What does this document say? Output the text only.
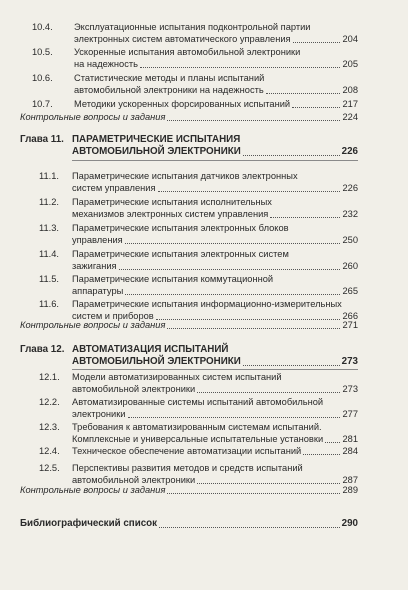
10.4. Эксплуатационные испытания подконтрольной партии
электронных систем автоматического управления	204
10.5. Ускоренные испытания автомобильной электроники
на надежность	205
10.6. Статистические методы и планы испытаний
автомобильной электроники на надежность	208
10.7. Методики ускоренных форсированных испытаний	217
Контрольные вопросы и задания	224
Глава 11. ПАРАМЕТРИЧЕСКИЕ ИСПЫТАНИЯ
АВТОМОБИЛЬНОЙ ЭЛЕКТРОНИКИ	226
11.1. Параметрические испытания датчиков электронных
систем управления	226
11.2. Параметрические испытания исполнительных
механизмов электронных систем управления	232
11.3. Параметрические испытания электронных блоков
управления	250
11.4. Параметрические испытания электронных систем
зажигания	260
11.5. Параметрические испытания коммутационной
аппаратуры	265
11.6. Параметрические испытания информационно-измерительных
систем и приборов	266
Контрольные вопросы и задания	271
Глава 12. АВТОМАТИЗАЦИЯ ИСПЫТАНИЙ
АВТОМОБИЛЬНОЙ ЭЛЕКТРОНИКИ	273
12.1. Модели автоматизированных систем испытаний
автомобильной электроники	273
12.2. Автоматизированные системы испытаний автомобильной
электроники	277
12.3. Требования к автоматизированным системам испытаний.
Комплексные и универсальные испытательные установки 281
12.4. Техническое обеспечение автоматизации испытаний	284
12.5. Перспективы развития методов и средств испытаний
автомобильной электроники	287
Контрольные вопросы и задания	289
Библиографический список	290
